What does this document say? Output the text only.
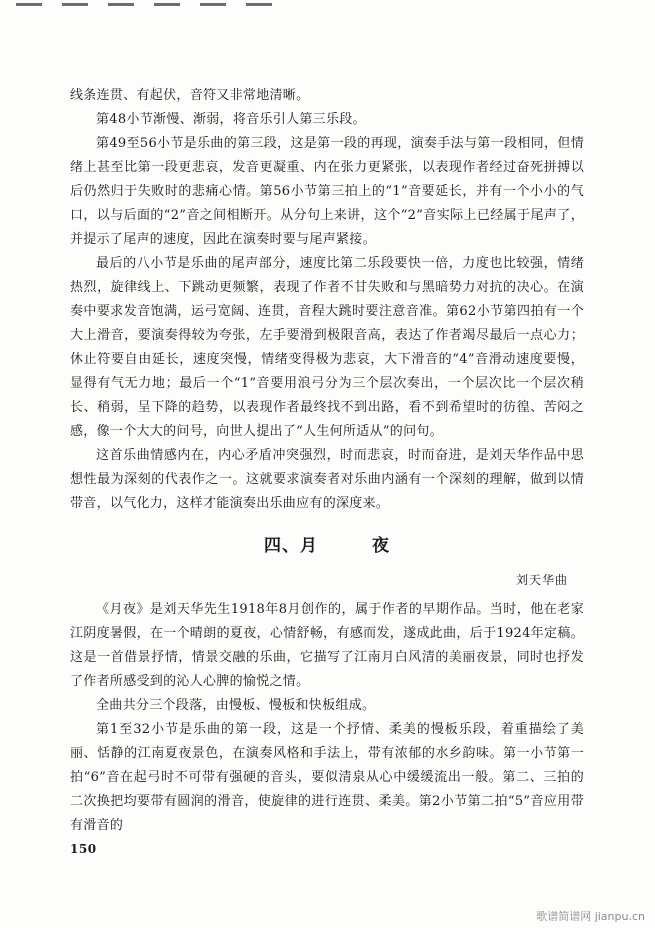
线条连贯、有起伏，音符又非常地清晰。

第48小节渐慢、渐弱，将音乐引人第三乐段。

第49至56小节是乐曲的第三段，这是第一段的再现，演奏手法与第一段相同，但情绪上甚至比第一段更悲哀，发音更凝重、内在张力更紧张，以表现作者经过奋死拼搏以后仍然归于失败时的悲痛心情。第56小节第三拍上的“1”音要延长，并有一个小小的气口，以与后面的“2”音之间相断开。从分句上来讲，这个“2”音实际上已经属于尾声了，并提示了尾声的速度，因此在演奏时要与尾声紧接。

最后的八小节是乐曲的尾声部分，速度比第二乐段要快一倍，力度也比较强，情绪热烈，旋律线上、下跳动更频繁，表现了作者不甘失败和与黑暗势力对抗的决心。在演奏中要求发音饱满，运弓宽阔、连贯，音程大跳时要注意音准。第62小节第四拍有一个大上滑音，要演奏得较为夸张，左手要滑到极限音高，表达了作者竭尽最后一点心力；休止符要自由延长，速度突慢，情绪变得极为悲哀，大下滑音的“4”音滑动速度要慢，显得有气无力地；最后一个“1”音要用浪弓分为三个层次奏出，一个层次比一个层次稍长、稍弱，呈下降的趋势，以表现作者最终找不到出路，看不到希望时的彷徨、苦闷之感，像一个大大的问号，向世人提出了“人生何所适从”的问句。

这首乐曲情感内在，内心矛盾冲突强烈，时而悲哀，时而奋进，是刘天华作品中思想性最为深刻的代表作之一。这就要求演奏者对乐曲内涵有一个深刻的理解，做到以情带音，以气化力，这样才能演奏出乐曲应有的深度来。

四、月	夜
刘天华曲

《月夜》是刘天华先生1918年8月创作的，属于作者的早期作品。当时，他在老家江阴度暑假，在一个晴朗的夏夜，心情舒畅，有感而发，遂成此曲，后于1924年定稿。这是一首借景抒情，情景交融的乐曲，它描写了江南月白风清的美丽夜景，同时也抒发了作者所感受到的沁人心脾的愉悦之情。

全曲共分三个段落，由慢板、慢板和快板组成。

第1至32小节是乐曲的第一段，这是一个抒情、柔美的慢板乐段，着重描绘了美丽、恬静的江南夏夜景色，在演奏风格和手法上，带有浓郁的水乡韵味。第一小节第一拍“6”音在起弓时不可带有强硬的音头，要似清泉从心中缓缓流出一般。第二、三拍的二次换把均要带有圆润的滑音，使旋律的进行连贯、柔美。第2小节第二拍“5”音应用带有滑音的

150
歌谱简谱网 jianpu.cn
